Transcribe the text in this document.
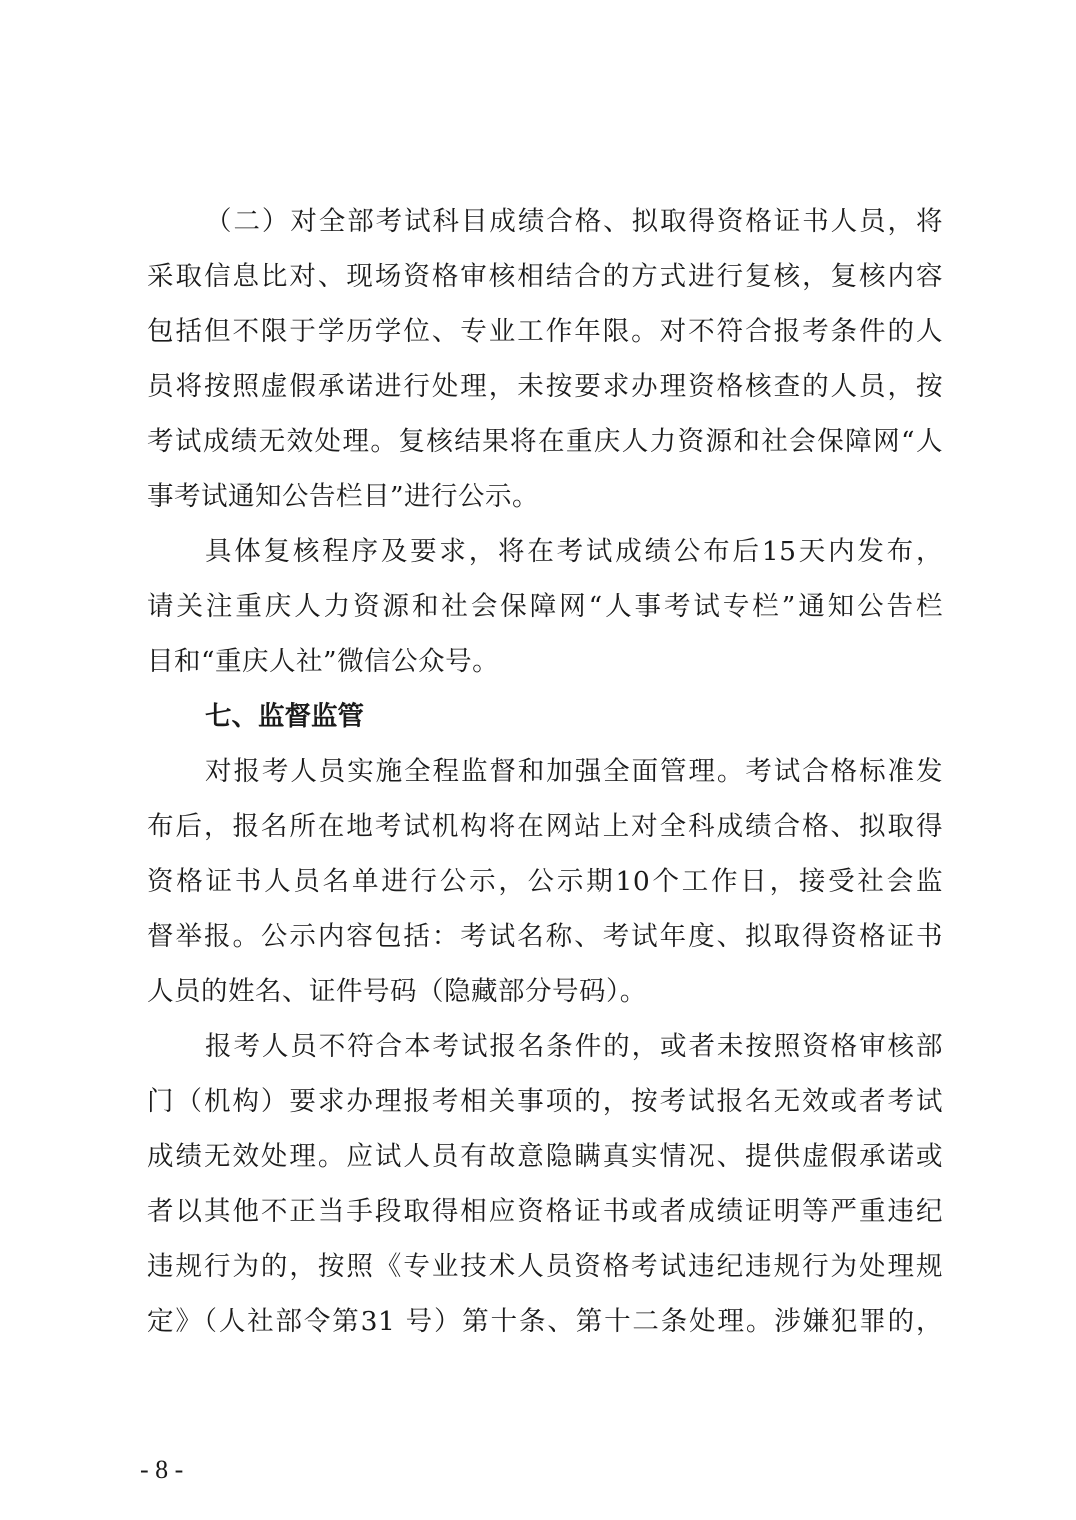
（二）对全部考试科目成绩合格、拟取得资格证书人员，将
采取信息比对、现场资格审核相结合的方式进行复核，复核内容
包括但不限于学历学位、专业工作年限。对不符合报考条件的人
员将按照虚假承诺进行处理，未按要求办理资格核查的人员，按
考试成绩无效处理。复核结果将在重庆人力资源和社会保障网“人
事考试通知公告栏目”进行公示。
具体复核程序及要求，将在考试成绩公布后15天内发布，
请关注重庆人力资源和社会保障网“人事考试专栏”通知公告栏
目和“重庆人社”微信公众号。
七、监督监管
对报考人员实施全程监督和加强全面管理。考试合格标准发
布后，报名所在地考试机构将在网站上对全科成绩合格、拟取得
资格证书人员名单进行公示，公示期10个工作日，接受社会监
督举报。公示内容包括：考试名称、考试年度、拟取得资格证书
人员的姓名、证件号码（隐藏部分号码）。
报考人员不符合本考试报名条件的，或者未按照资格审核部
门（机构）要求办理报考相关事项的，按考试报名无效或者考试
成绩无效处理。应试人员有故意隐瞒真实情况、提供虚假承诺或
者以其他不正当手段取得相应资格证书或者成绩证明等严重违纪
违规行为的，按照《专业技术人员资格考试违纪违规行为处理规
定》（人社部令第31 号）第十条、第十二条处理。涉嫌犯罪的，
- 8 -
